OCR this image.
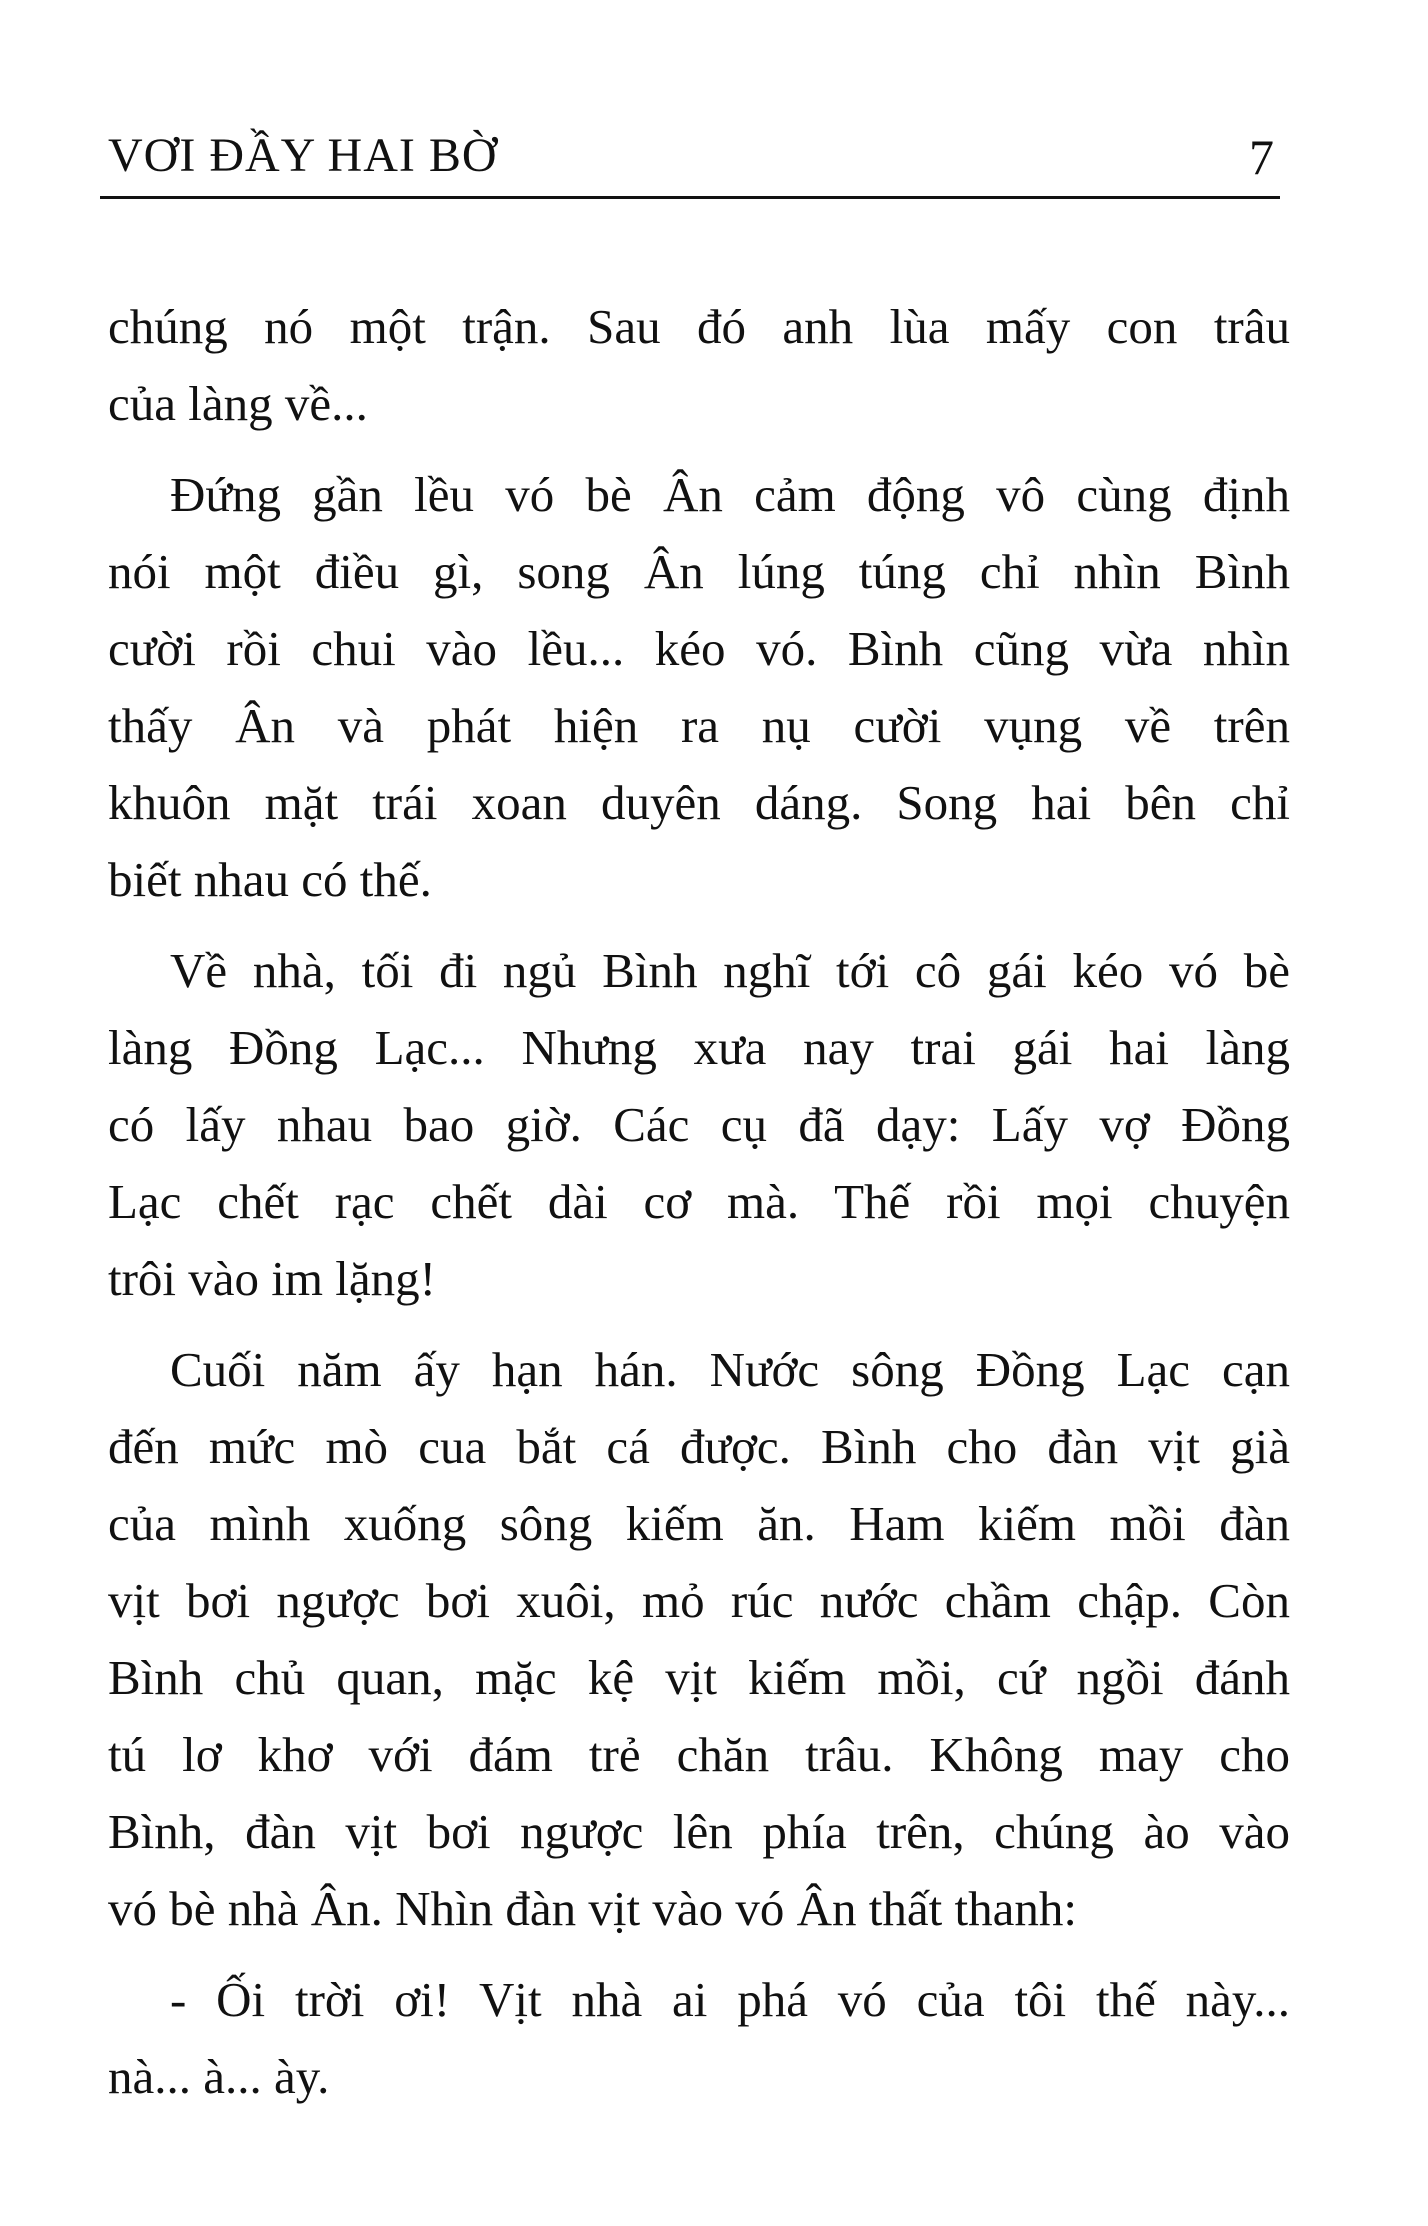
VƠI ĐẦY HAI BỜ	7

chúng nó một trận. Sau đó anh lùa mấy con trâu
của làng về...

Đứng gần lều vó bè Ân cảm động vô cùng định
nói một điều gì, song Ân lúng túng chỉ nhìn Bình
cười rồi chui vào lều... kéo vó. Bình cũng vừa nhìn
thấy Ân và phát hiện ra nụ cười vụng về trên
khuôn mặt trái xoan duyên dáng. Song hai bên chỉ
biết nhau có thế.

Về nhà, tối đi ngủ Bình nghĩ tới cô gái kéo vó bè
làng Đồng Lạc... Nhưng xưa nay trai gái hai làng
có lấy nhau bao giờ. Các cụ đã dạy: Lấy vợ Đồng
Lạc chết rạc chết dài cơ mà. Thế rồi mọi chuyện
trôi vào im lặng!

Cuối năm ấy hạn hán. Nước sông Đồng Lạc cạn
đến mức mò cua bắt cá được. Bình cho đàn vịt già
của mình xuống sông kiếm ăn. Ham kiếm mồi đàn
vịt bơi ngược bơi xuôi, mỏ rúc nước chầm chập. Còn
Bình chủ quan, mặc kệ vịt kiếm mồi, cứ ngồi đánh
tú lơ khơ với đám trẻ chăn trâu. Không may cho
Bình, đàn vịt bơi ngược lên phía trên, chúng ào vào
vó bè nhà Ân. Nhìn đàn vịt vào vó Ân thất thanh:

- Ối trời ơi! Vịt nhà ai phá vó của tôi thế này...
nà... à... ày.
